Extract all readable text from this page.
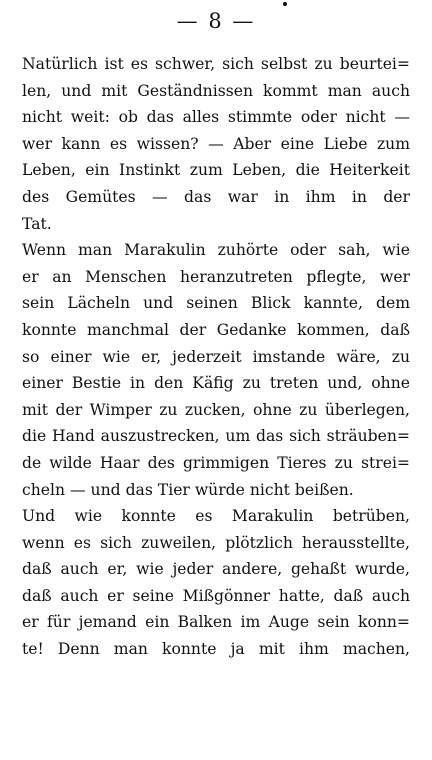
— 8 —
Natürlich ist es schwer, sich selbst zu beurtei=
len, und mit Geständnissen kommt man auch
nicht weit: ob das alles stimmte oder nicht —
wer kann es wissen? — Aber eine Liebe zum
Leben, ein Instinkt zum Leben, die Heiterkeit
des Gemütes — das war in ihm in der
Tat.
Wenn man Marakulin zuhörte oder sah, wie
er an Menschen heranzutreten pflegte, wer
sein Lächeln und seinen Blick kannte, dem
konnte manchmal der Gedanke kommen, daß
so einer wie er, jederzeit imstande wäre, zu
einer Bestie in den Käfig zu treten und, ohne
mit der Wimper zu zucken, ohne zu überlegen,
die Hand auszustrecken, um das sich sträuben=
de wilde Haar des grimmigen Tieres zu strei=
cheln — und das Tier würde nicht beißen.
Und wie konnte es Marakulin betrüben,
wenn es sich zuweilen, plötzlich herausstellte,
daß auch er, wie jeder andere, gehaßt wurde,
daß auch er seine Mißgönner hatte, daß auch
er für jemand ein Balken im Auge sein konn=
te! Denn man konnte ja mit ihm machen,
